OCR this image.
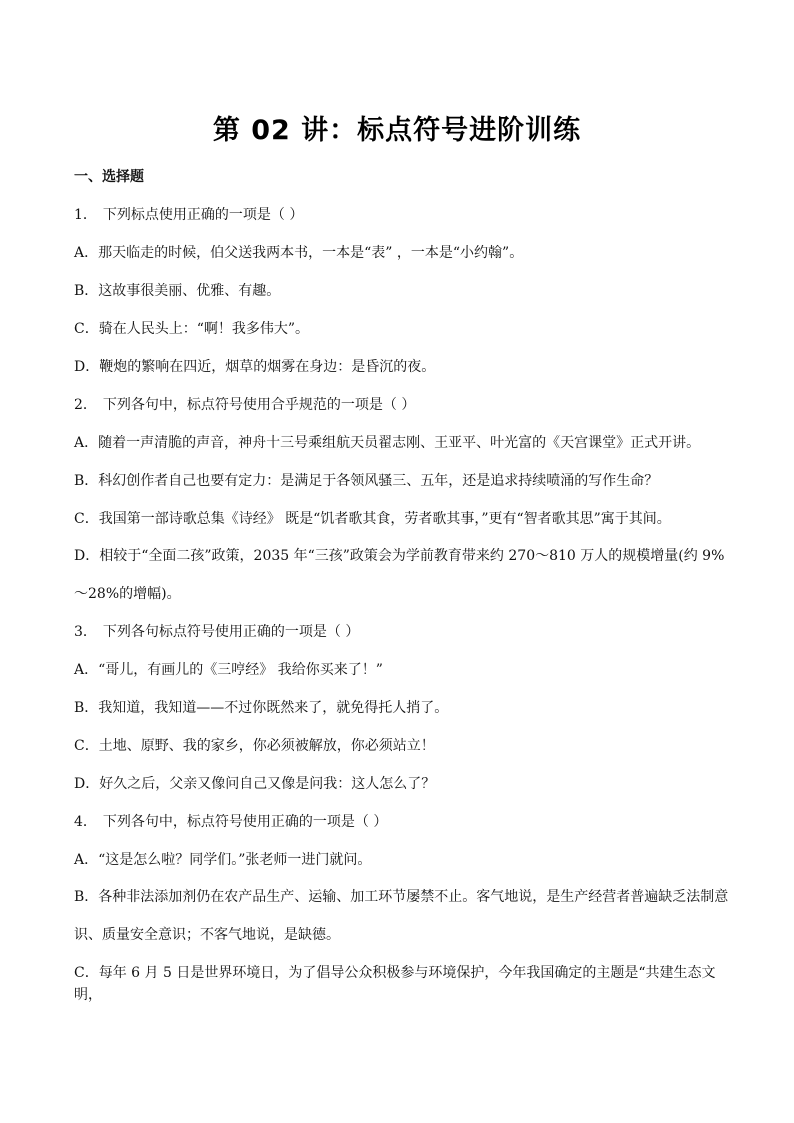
第 02 讲：标点符号进阶训练
一、选择题
1． 下列标点使用正确的一项是（ ）
A．那天临走的时候，伯父送我两本书，一本是“表” ，一本是“小约翰”。
B．这故事很美丽、优雅、有趣。
C．骑在人民头上：“啊！我多伟大”。
D．鞭炮的繁响在四近，烟草的烟雾在身边：是昏沉的夜。
2． 下列各句中，标点符号使用合乎规范的一项是（ ）
A．随着一声清脆的声音，神舟十三号乘组航天员翟志刚、王亚平、叶光富的《天宫课堂》正式开讲。
B．科幻创作者自己也要有定力：是满足于各领风骚三、五年，还是追求持续喷涌的写作生命？
C．我国第一部诗歌总集《诗经》 既是“饥者歌其食，劳者歌其事，”更有“智者歌其思”寓于其间。
D．相较于“全面二孩”政策，2035 年“三孩”政策会为学前教育带来约 270～810 万人的规模增量(约 9%～28%的增幅)。
3． 下列各句标点符号使用正确的一项是（ ）
A．“哥儿，有画儿的《三哼经》 我给你买来了！”
B．我知道，我知道——不过你既然来了，就免得托人捎了。
C．土地、原野、我的家乡，你必须被解放，你必须站立！
D．好久之后，父亲又像问自己又像是问我：这人怎么了？
4． 下列各句中，标点符号使用正确的一项是（ ）
A．“这是怎么啦？同学们。”张老师一进门就问。
B．各种非法添加剂仍在农产品生产、运输、加工环节屡禁不止。客气地说，是生产经营者普遍缺乏法制意识、质量安全意识；不客气地说，是缺德。
C．每年 6 月 5 日是世界环境日，为了倡导公众积极参与环境保护，今年我国确定的主题是“共建生态文明，
